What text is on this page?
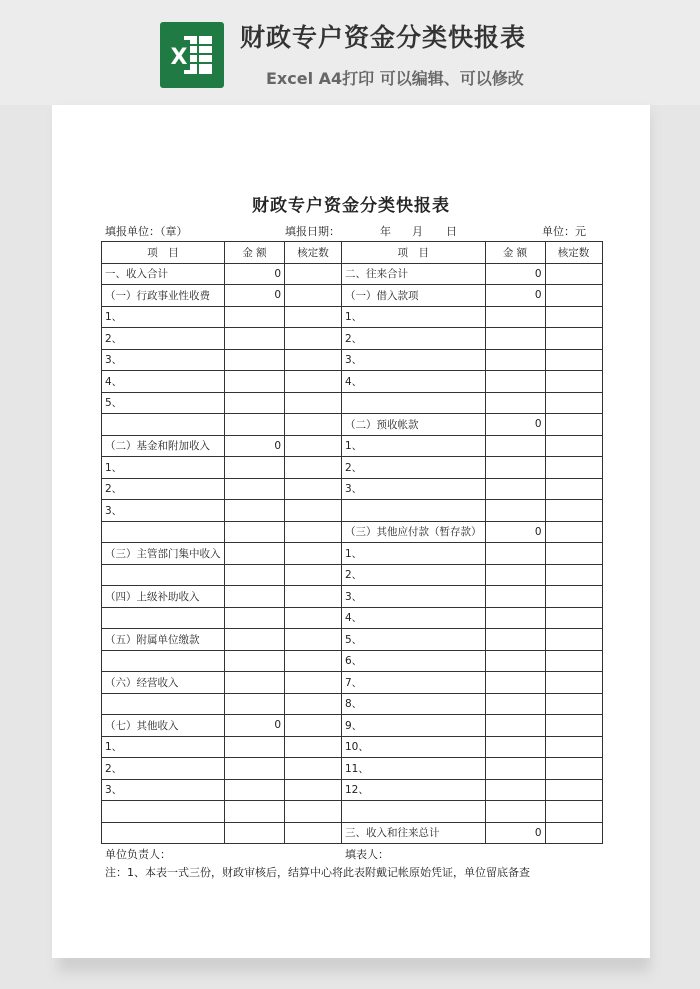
X
财政专户资金分类快报表
Excel A4打印 可以编辑、可以修改
财政专户资金分类快报表
填报单位：（章）	填报日期：	年 月 日	单位：元
项　目	金 额	核定数	项　目	金 额	核定数
一、收入合计	0		二、往来合计	0	
（一）行政事业性收费	0		（一）借入款项	0	
1、			1、		
2、			2、		
3、			3、		
4、			4、		
5、					
			（二）预收帐款	0	
（二）基金和附加收入	0		1、		
1、			2、		
2、			3、		
3、					
			（三）其他应付款（暂存款）	0	
（三）主管部门集中收入			1、		
			2、		
（四）上级补助收入			3、		
			4、		
（五）附属单位缴款			5、		
			6、		
（六）经营收入			7、		
			8、		
（七）其他收入	0		9、		
1、			10、		
2、			11、		
3、			12、		

			三、收入和往来总计	0	
单位负责人：	填表人：
注：1、本表一式三份，财政审核后，结算中心将此表附戴记帐原始凭证，单位留底备查
